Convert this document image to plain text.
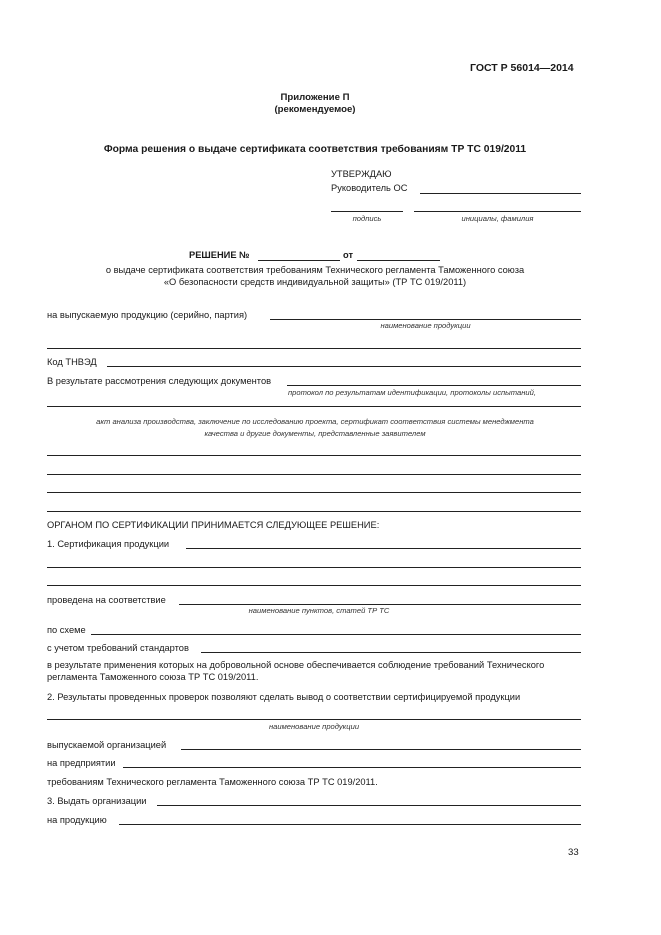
ГОСТ Р 56014—2014
Приложение П
(рекомендуемое)
Форма решения о выдаче сертификата соответствия требованиям ТР ТС 019/2011
УТВЕРЖДАЮ
Руководитель ОС
подпись	инициалы, фамилия
РЕШЕНИЕ №	от
о выдаче сертификата соответствия требованиям Технического регламента Таможенного союза
«О безопасности средств индивидуальной защиты» (ТР ТС 019/2011)
на выпускаемую продукцию (серийно, партия)
наименование продукции
Код ТНВЭД
В результате рассмотрения следующих документов
протокол по результатам идентификации, протоколы испытаний,
акт анализа производства, заключение по исследованию проекта, сертификат соответствия системы менеджмента
качества и другие документы, представленные заявителем
ОРГАНОМ ПО СЕРТИФИКАЦИИ ПРИНИМАЕТСЯ СЛЕДУЮЩЕЕ РЕШЕНИЕ:
1. Сертификация продукции
проведена на соответствие
наименование пунктов, статей ТР ТС
по схеме
с учетом требований стандартов
в результате применения которых на добровольной основе обеспечивается соблюдение требований Технического
регламента Таможенного союза ТР ТС 019/2011.
2. Результаты проведенных проверок позволяют сделать вывод о соответствии сертифицируемой продукции
наименование продукции
выпускаемой организацией
на предприятии
требованиям Технического регламента Таможенного союза ТР ТС 019/2011.
3. Выдать организации
на продукцию
33
